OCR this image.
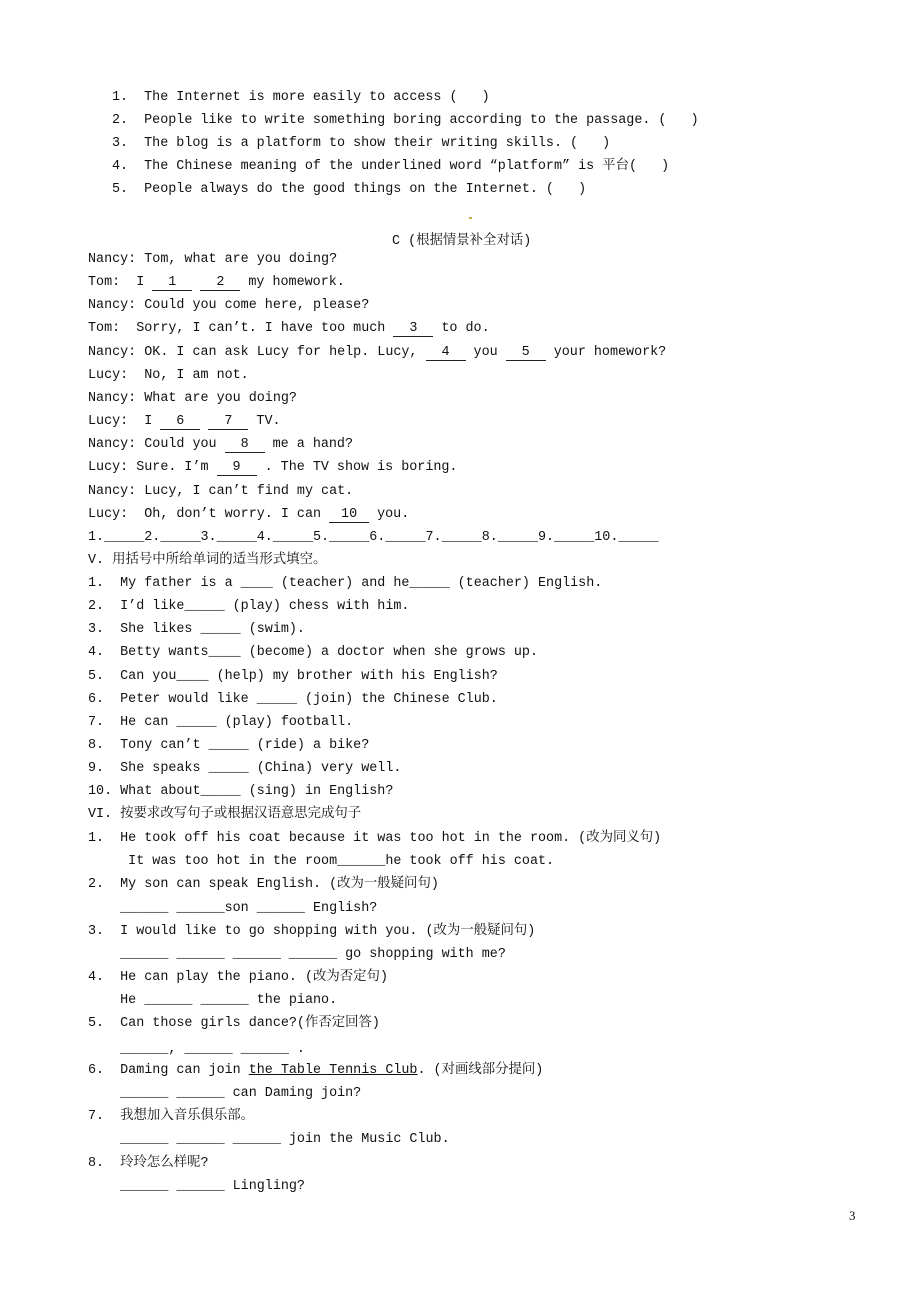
1.  The Internet is more easily to access (   )
2.  People like to write something boring according to the passage. (   )
3.  The blog is a platform to show their writing skills. (   )
4.  The Chinese meaning of the underlined word “platform” is 平台(   )
5.  People always do the good things on the Internet. (   )
Nancy: Tom, what are you doing?
Tom:  I 1	2 my homework.
Nancy: Could you come here, please?
Tom:  Sorry, I can’t. I have too much 3 to do.
Nancy: OK. I can ask Lucy for help. Lucy, 4 you 5 your homework?
Lucy:  No, I am not.
Nancy: What are you doing?
Lucy:  I 6	7 TV.
Nancy: Could you 8 me a hand?
Lucy: Sure. I’m 9 . The TV show is boring.
Nancy: Lucy, I can’t find my cat.
Lucy:  Oh, don’t worry. I can 10 you.
1._____2._____3._____4._____5._____6._____7._____8._____9._____10._____
V. 用括号中所给单词的适当形式填空。
1.  My father is a ____ (teacher) and he_____ (teacher) English.
2.  I’d like_____ (play) chess with him.
3.  She likes _____ (swim).
4.  Betty wants____ (become) a doctor when she grows up.
5.  Can you____ (help) my brother with his English?
6.  Peter would like _____ (join) the Chinese Club.
7.  He can _____ (play) football.
8.  Tony can’t _____ (ride) a bike?
9.  She speaks _____ (China) very well.
10. What about_____ (sing) in English?
VI. 按要求改写句子或根据汉语意思完成句子
1.  He took off his coat because it was too hot in the room. (改为同义句)
It was too hot in the room______he took off his coat.
2.  My son can speak English. (改为一般疑问句)
______ ______son ______ English?
3.  I would like to go shopping with you. (改为一般疑问句)
______ ______ ______ ______ go shopping with me?
4.  He can play the piano. (改为否定句)
He ______ ______ the piano.
5.  Can those girls dance?(作否定回答)
______, ______ ______ .
6.  Daming can join the Table Tennis Club. (对画线部分提问)
______ ______ can Daming join?
7.  我想加入音乐俱乐部。
______ ______ ______ join the Music Club.
8.  玲玲怎么样呢?
______ ______ Lingling?
C (根据情景补全对话)
3
